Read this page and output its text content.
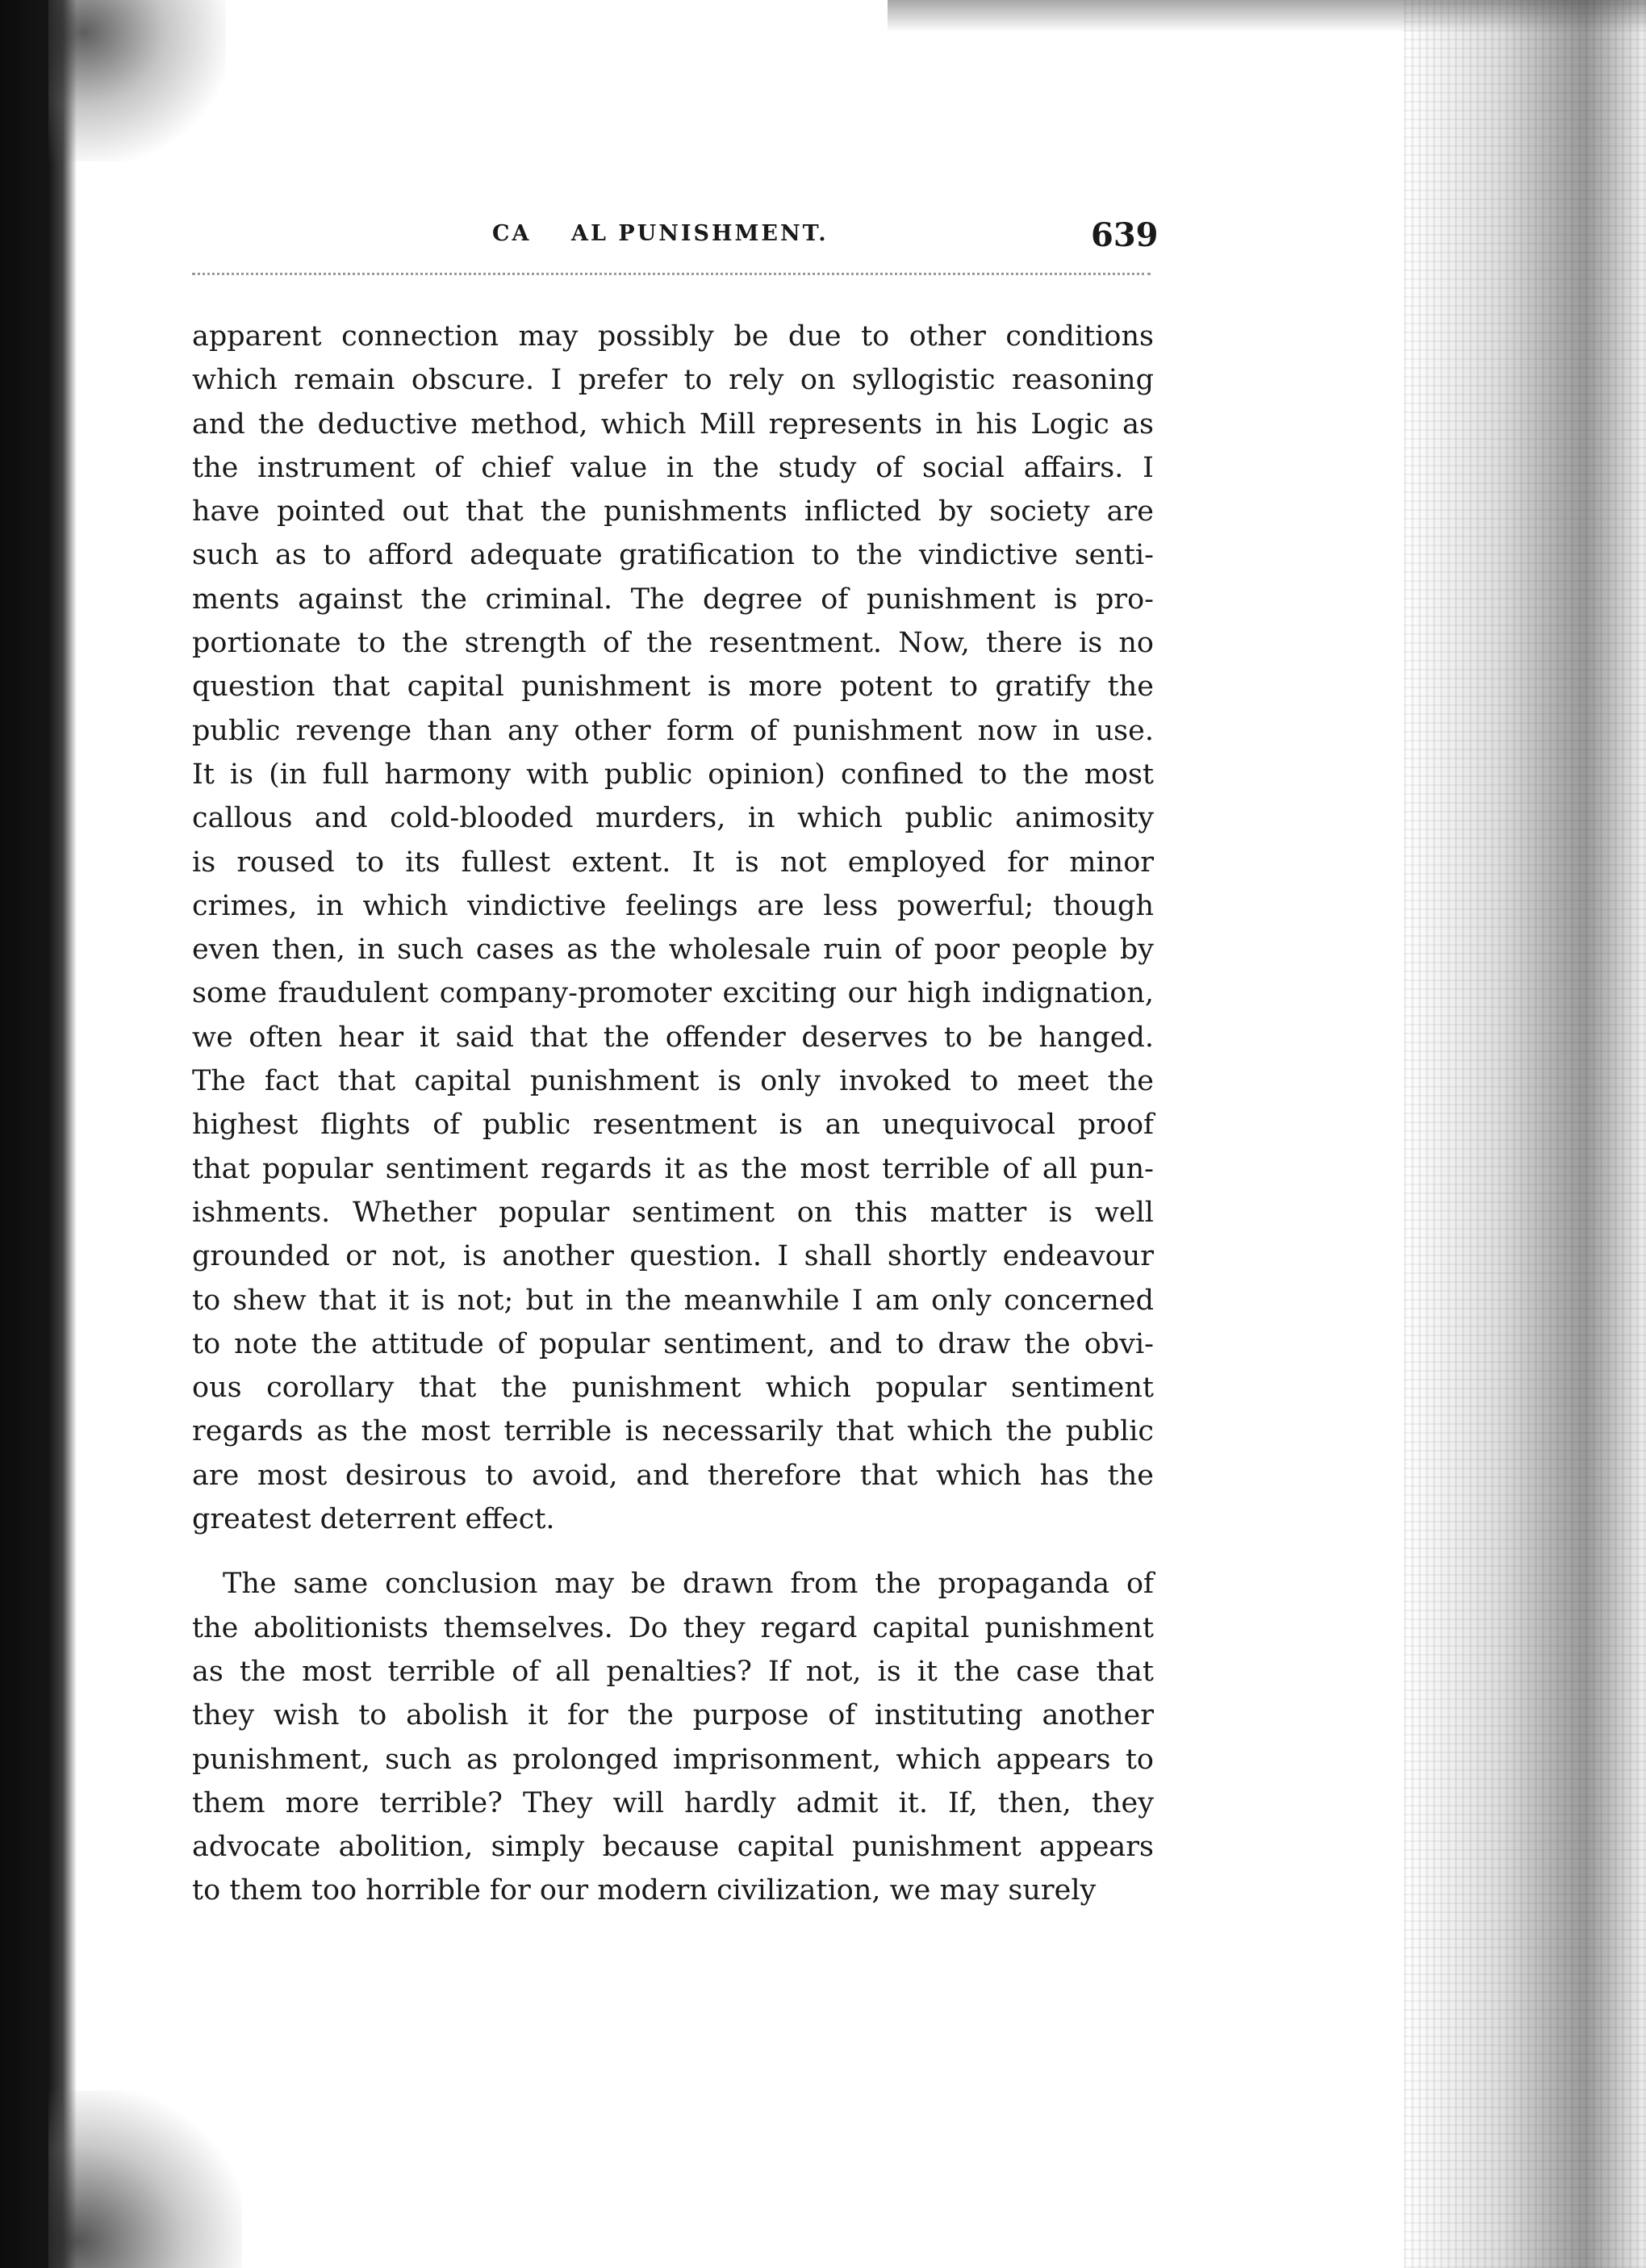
CA    AL PUNISHMENT.	639
apparent connection may possibly be due to other conditions
which remain obscure. I prefer to rely on syllogistic reasoning
and the deductive method, which Mill represents in his Logic as
the instrument of chief value in the study of social affairs. I
have pointed out that the punishments inflicted by society are
such as to afford adequate gratification to the vindictive senti-
ments against the criminal. The degree of punishment is pro-
portionate to the strength of the resentment. Now, there is no
question that capital punishment is more potent to gratify the
public revenge than any other form of punishment now in use.
It is (in full harmony with public opinion) confined to the most
callous and cold-blooded murders, in which public animosity
is roused to its fullest extent. It is not employed for minor
crimes, in which vindictive feelings are less powerful; though
even then, in such cases as the wholesale ruin of poor people by
some fraudulent company-promoter exciting our high indignation,
we often hear it said that the offender deserves to be hanged.
The fact that capital punishment is only invoked to meet the
highest flights of public resentment is an unequivocal proof
that popular sentiment regards it as the most terrible of all pun-
ishments. Whether popular sentiment on this matter is well
grounded or not, is another question. I shall shortly endeavour
to shew that it is not; but in the meanwhile I am only concerned
to note the attitude of popular sentiment, and to draw the obvi-
ous corollary that the punishment which popular sentiment
regards as the most terrible is necessarily that which the public
are most desirous to avoid, and therefore that which has the
greatest deterrent effect.
The same conclusion may be drawn from the propaganda of
the abolitionists themselves. Do they regard capital punishment
as the most terrible of all penalties? If not, is it the case that
they wish to abolish it for the purpose of instituting another
punishment, such as prolonged imprisonment, which appears to
them more terrible? They will hardly admit it. If, then, they
advocate abolition, simply because capital punishment appears
to them too horrible for our modern civilization, we may surely
